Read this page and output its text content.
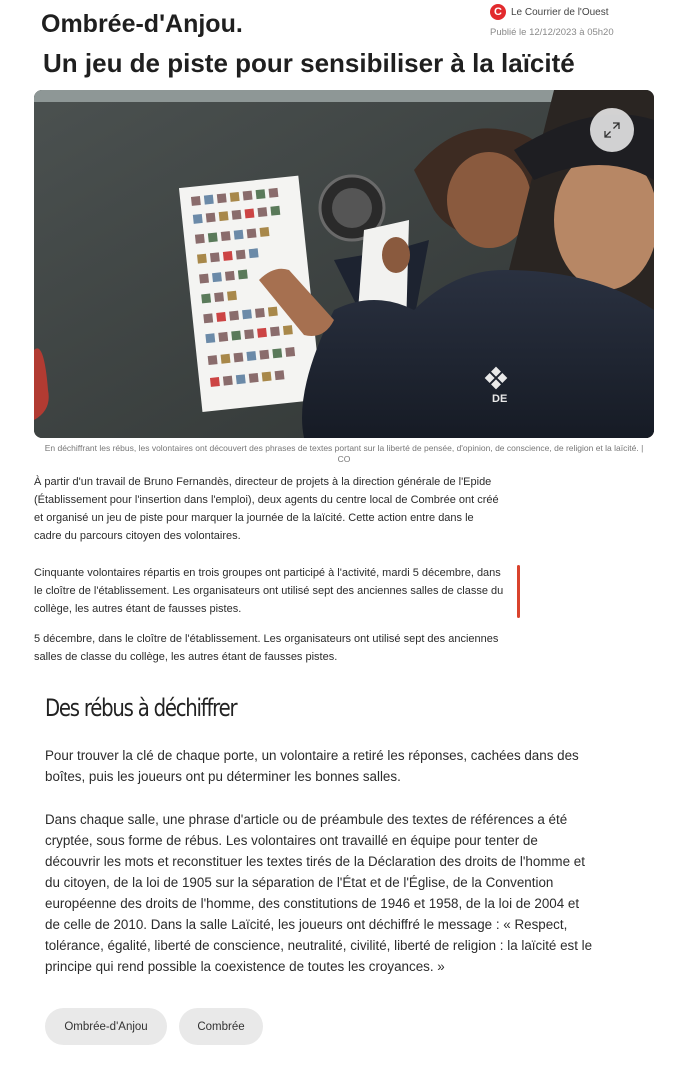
Ombrée-d'Anjou.
Un jeu de piste pour sensibiliser à la laïcité
C Le Courrier de l'Ouest
Publié le 12/12/2023 à 05h20
DE
En déchiffrant les rébus, les volontaires ont découvert des phrases de textes portant sur la liberté de pensée, d'opinion, de conscience, de religion et la laïcité. | CO

À partir d'un travail de Bruno Fernandès, directeur de projets à la direction générale de l'Epide (Établissement pour l'insertion dans l'emploi), deux agents du centre local de Combrée ont créé et organisé un jeu de piste pour marquer la journée de la laïcité. Cette action entre dans le cadre du parcours citoyen des volontaires.

Cinquante volontaires répartis en trois groupes ont participé à l'activité, mardi 5 décembre, dans le cloître de l'établissement. Les organisateurs ont utilisé sept des anciennes salles de classe du collège, les autres étant de fausses pistes.

5 décembre, dans le cloître de l'établissement. Les organisateurs ont utilisé sept des anciennes salles de classe du collège, les autres étant de fausses pistes.

Des rébus à déchiffrer

Pour trouver la clé de chaque porte, un volontaire a retiré les réponses, cachées dans des boîtes, puis les joueurs ont pu déterminer les bonnes salles.

Dans chaque salle, une phrase d'article ou de préambule des textes de références a été cryptée, sous forme de rébus. Les volontaires ont travaillé en équipe pour tenter de découvrir les mots et reconstituer les textes tirés de la Déclaration des droits de l'homme et du citoyen, de la loi de 1905 sur la séparation de l'État et de l'Église, de la Convention européenne des droits de l'homme, des constitutions de 1946 et 1958, de la loi de 2004 et de celle de 2010. Dans la salle Laïcité, les joueurs ont déchiffré le message : « Respect, tolérance, égalité, liberté de conscience, neutralité, civilité, liberté de religion : la laïcité est le principe qui rend possible la coexistence de toutes les croyances. »

Ombrée-d'Anjou	Combrée
